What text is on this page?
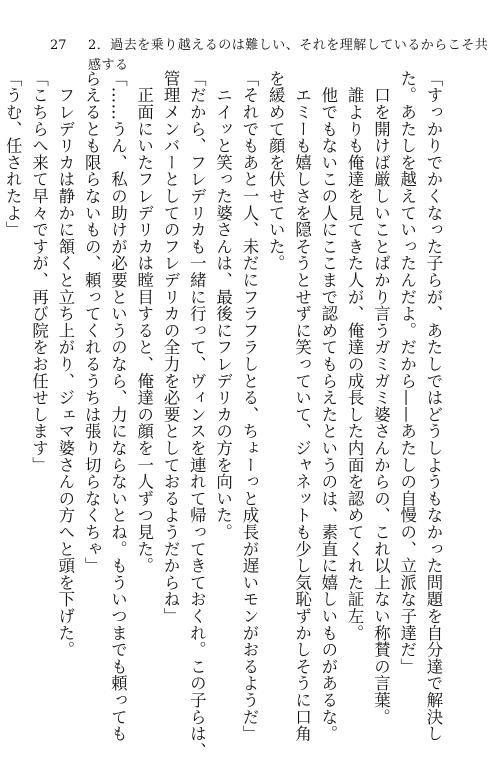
27 2．過去を乗り越えるのは難しい、それを理解しているからこそ共感する
「すっかりでかくなった子らが、あたしではどうしようもなかった問題を自分達で解決し
た。あたしを越えていったんだよ。だから——あたしの自慢の、立派な子達だ」
　口を開けば厳しいことばかり言うガミガミ婆さんからの、これ以上ない称賛の言葉。
　誰よりも俺達を見てきた人が、俺達の成長した内面を認めてくれた証左。
　他でもないこの人にここまで認めてもらえたというのは、素直に嬉しいものがあるな。
　エミーも嬉しさを隠そうとせずに笑っていて、ジャネットも少し気恥ずかしそうに口角
を緩めて顔を伏せていた。
「それでもあと一人、未だにフラフラしとる、ちょーっと成長が遅いモンがおるようだ」
　ニイッと笑った婆さんは、最後にフレデリカの方を向いた。
「だから、フレデリカも一緒に行って、ヴィンスを連れて帰ってきておくれ。この子らは、
管理メンバーとしてのフレデリカの全力を必要としておるようだからね」
　正面にいたフレデリカは瞠目すると、俺達の顔を一人ずつ見た。
「……うん、私の助けが必要というのなら、力にならないとね。もういつまでも頼っても
らえるとも限らないもの、頼ってくれるうちは張り切らなくちゃ」
　フレデリカは静かに頷くと立ち上がり、ジェマ婆さんの方へと頭を下げた。
「こちらへ来て早々ですが、再び院をお任せします」
「うむ、任されたよ」
